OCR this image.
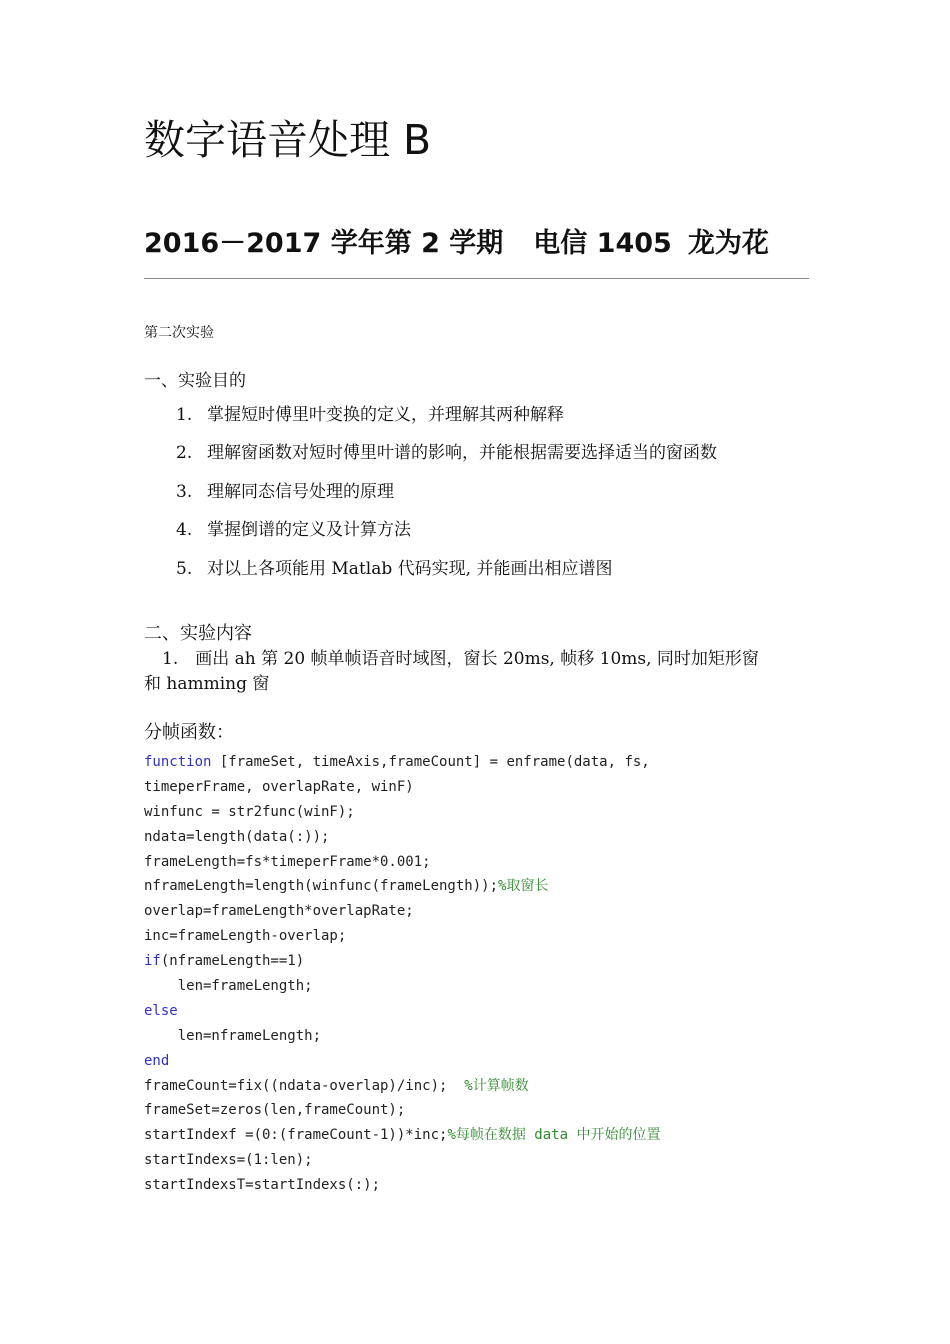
数字语音处理 B
2016－2017 学年第 2 学期 电信 1405 龙为花
第二次实验
一、实验目的
1. 掌握短时傅里叶变换的定义，并理解其两种解释
2. 理解窗函数对短时傅里叶谱的影响，并能根据需要选择适当的窗函数
3. 理解同态信号处理的原理
4. 掌握倒谱的定义及计算方法
5. 对以上各项能用 Matlab 代码实现, 并能画出相应谱图
二、实验内容
1.　画出 ah 第 20 帧单帧语音时域图，窗长 20ms, 帧移 10ms, 同时加矩形窗
和 hamming 窗
分帧函数：
function [frameSet, timeAxis,frameCount] = enframe(data, fs,
timeperFrame, overlapRate, winF)
winfunc = str2func(winF);
ndata=length(data(:));
frameLength=fs*timeperFrame*0.001;
nframeLength=length(winfunc(frameLength));%取窗长
overlap=frameLength*overlapRate;
inc=frameLength-overlap;
if(nframeLength==1)
len=frameLength;
else
len=nframeLength;
end
frameCount=fix((ndata-overlap)/inc);  %计算帧数
frameSet=zeros(len,frameCount);
startIndexf =(0:(frameCount-1))*inc;%每帧在数据 data 中开始的位置
startIndexs=(1:len);
startIndexsT=startIndexs(:);
